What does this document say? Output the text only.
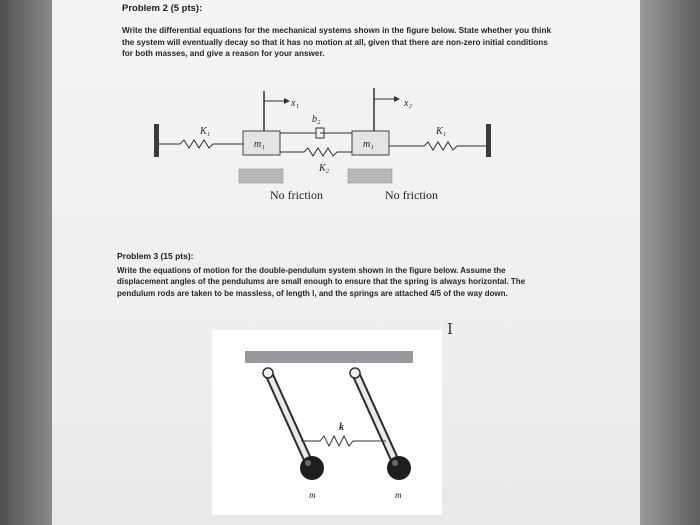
Problem 2 (5 pts):
Write the differential equations for the mechanical systems shown in the figure below. State whether you think the system will eventually decay so that it has no motion at all, given that there are non-zero initial conditions for both masses, and give a reason for your answer.
x₁	x₂
b₂
K₁	K₁
K₂
m₁	m₁
No friction	No friction
Problem 3 (15 pts):
Write the equations of motion for the double-pendulum system shown in the figure below. Assume the displacement angles of the pendulums are small enough to ensure that the spring is always horizontal. The pendulum rods are taken to be massless, of length l, and the springs are attached 4/5 of the way down.
I
k
m	m
